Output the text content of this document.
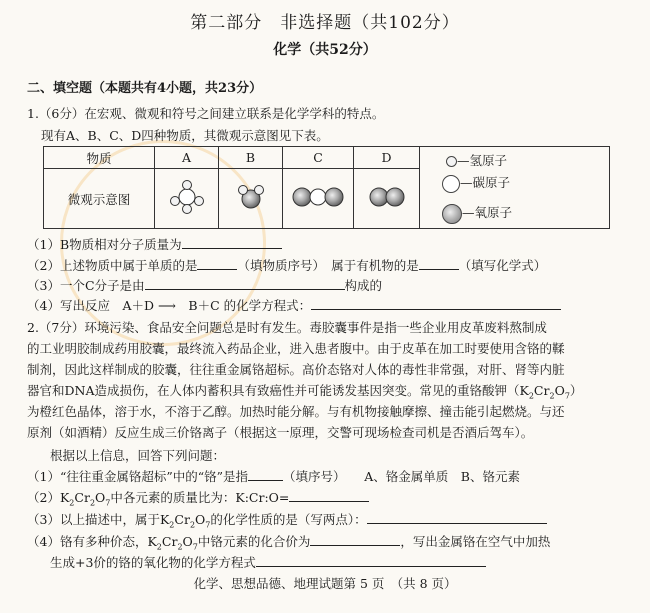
第二部分　非选择题（共102分）
化学（共52分）
二、填空题（本题共有4小题，共23分）
1.（6分）在宏观、微观和符号之间建立联系是化学学科的特点。
现有A、B、C、D四种物质，其微观示意图见下表。
物质	A	B	C	D	—氢原子
—碳原子
—氧原子

微观示意图				
（1）B物质相对分子质量为
（2）上述物质中属于单质的是	（填物质序号）　属于有机物的是	（填写化学式）
（3）一个C分子是由	构成的
（4）写出反应　A＋D ⟶　B＋C 的化学方程式：
2.（7分）环境污染、食品安全问题总是时有发生。毒胶囊事件是指一些企业用皮革废料熬制成
的工业明胶制成药用胶囊，最终流入药品企业，进入患者腹中。由于皮革在加工时要使用含铬的鞣
制剂，因此这样制成的胶囊，往往重金属铬超标。高价态铬对人体的毒性非常强，对肝、肾等内脏
器官和DNA造成损伤，在人体内蓄积具有致癌性并可能诱发基因突变。常见的重铬酸钾$(K_2Cr_2O_7)$
为橙红色晶体，溶于水，不溶于乙醇。加热时能分解。与有机物接触摩擦、撞击能引起燃烧。与还
原剂（如酒精）反应生成三价铬离子（根据这一原理，交警可现场检查司机是否酒后驾车）。
根据以上信息，回答下列问题：
（1）“往往重金属铬超标”中的“铬”是指	（填序号）　　A、铬金属单质　B、铬元素
$(2)K_2Cr_2O_7$中各元素的质量比为：K:Cr:O=
（3）以上描述中，属于$K_2Cr_2O_7$的化学性质的是（写两点）：
（4）铬有多种价态，$K_2Cr_2O_7$中铬元素的化合价为	，写出金属铬在空气中加热
生成+3价的铬的氧化物的化学方程式
化学、思想品德、地理试题第 5 页　（共 8 页）
